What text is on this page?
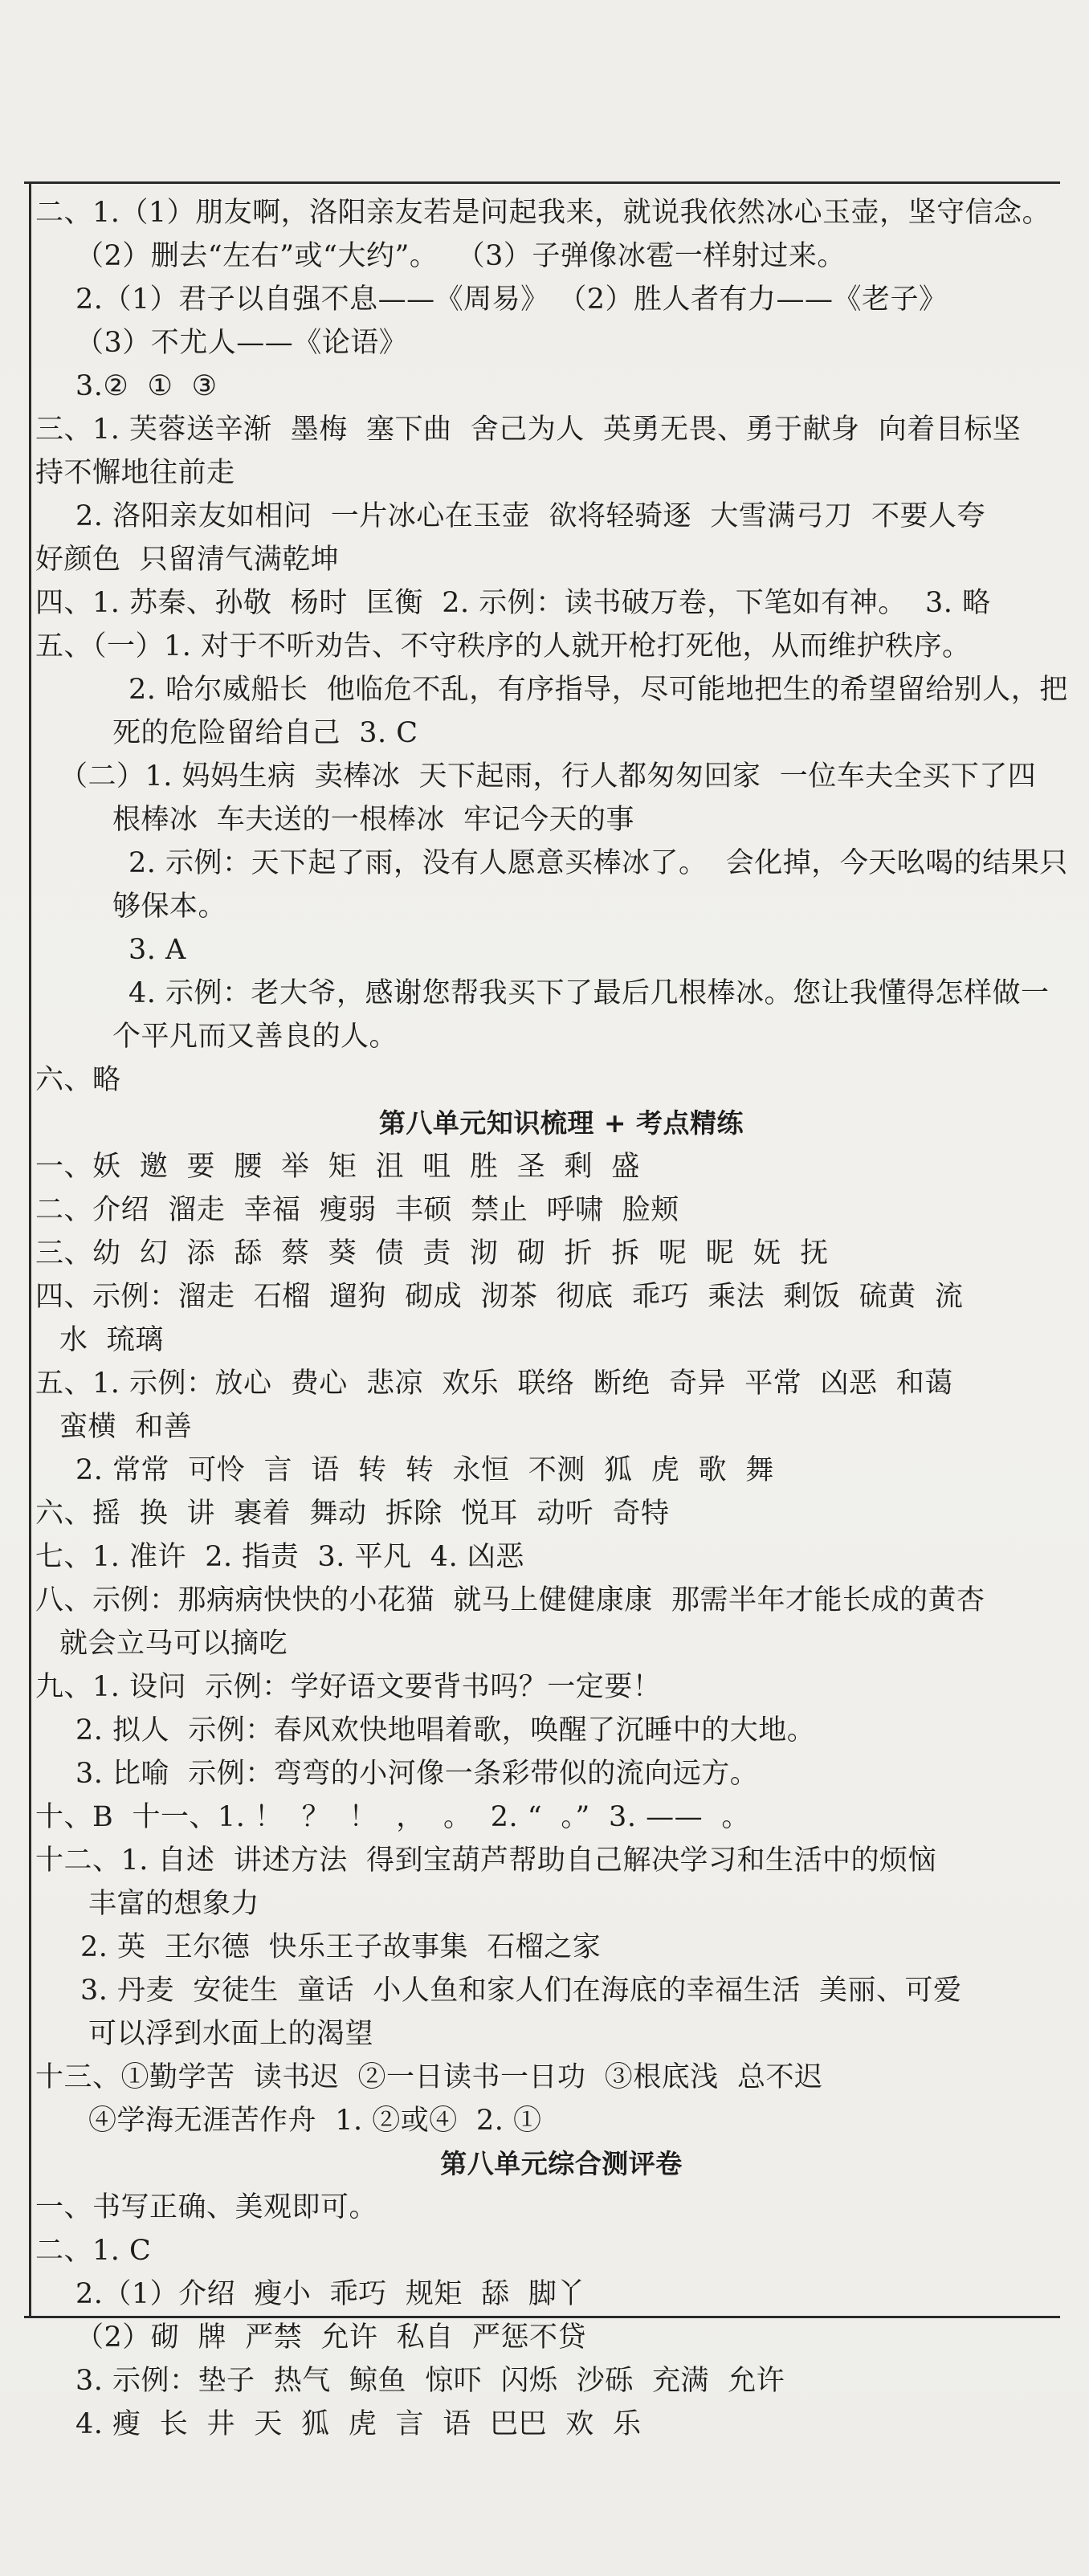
二、1.（1）朋友啊，洛阳亲友若是问起我来，就说我依然冰心玉壶，坚守信念。
（2）删去“左右”或“大约”。  （3）子弹像冰雹一样射过来。
2.（1）君子以自强不息——《周易》 （2）胜人者有力——《老子》
（3）不尤人——《论语》
3.②  ①  ③
三、1. 芙蓉送辛渐  墨梅  塞下曲  舍己为人  英勇无畏、勇于献身  向着目标坚
持不懈地往前走
2. 洛阳亲友如相问  一片冰心在玉壶  欲将轻骑逐  大雪满弓刀  不要人夸
好颜色  只留清气满乾坤
四、1. 苏秦、孙敬  杨时  匡衡  2. 示例：读书破万卷，下笔如有神。  3. 略
五、（一）1. 对于不听劝告、不守秩序的人就开枪打死他，从而维护秩序。
2. 哈尔威船长  他临危不乱，有序指导，尽可能地把生的希望留给别人，把
死的危险留给自己  3. C
（二）1. 妈妈生病  卖棒冰  天下起雨，行人都匆匆回家  一位车夫全买下了四
根棒冰  车夫送的一根棒冰  牢记今天的事
2. 示例：天下起了雨，没有人愿意买棒冰了。  会化掉，今天吆喝的结果只
够保本。
3. A
4. 示例：老大爷，感谢您帮我买下了最后几根棒冰。您让我懂得怎样做一
个平凡而又善良的人。
六、略
第八单元知识梳理 + 考点精练
一、妖  邀  要  腰  举  矩  沮  咀  胜  圣  剩  盛
二、介绍  溜走  幸福  瘦弱  丰硕  禁止  呼啸  脸颊
三、幼  幻  添  舔  蔡  葵  债  责  沏  砌  折  拆  呢  昵  妩  抚
四、示例：溜走  石榴  遛狗  砌成  沏茶  彻底  乖巧  乘法  剩饭  硫黄  流
水  琉璃
五、1. 示例：放心  费心  悲凉  欢乐  联络  断绝  奇异  平常  凶恶  和蔼
蛮横  和善
2. 常常  可怜  言  语  转  转  永恒  不测  狐  虎  歌  舞
六、摇  换  讲  裹着  舞动  拆除  悦耳  动听  奇特
七、1. 准许  2. 指责  3. 平凡  4. 凶恶
八、示例：那病病快快的小花猫  就马上健健康康  那需半年才能长成的黄杏
就会立马可以摘吃
九、1. 设问  示例：学好语文要背书吗？一定要！
2. 拟人  示例：春风欢快地唱着歌，唤醒了沉睡中的大地。
3. 比喻  示例：弯弯的小河像一条彩带似的流向远方。
十、B  十一、1. ！  ？  ！  ，  。  2. “  。”  3. ——  。
十二、1. 自述  讲述方法  得到宝葫芦帮助自己解决学习和生活中的烦恼
丰富的想象力
2. 英  王尔德  快乐王子故事集  石榴之家
3. 丹麦  安徒生  童话  小人鱼和家人们在海底的幸福生活  美丽、可爱
可以浮到水面上的渴望
十三、①勤学苦  读书迟  ②一日读书一日功  ③根底浅  总不迟
④学海无涯苦作舟  1. ②或④  2. ①
第八单元综合测评卷
一、书写正确、美观即可。
二、1. C
2.（1）介绍  瘦小  乖巧  规矩  舔  脚丫
（2）砌  牌  严禁  允许  私自  严惩不贷
3. 示例：垫子  热气  鲸鱼  惊吓  闪烁  沙砾  充满  允许
4. 瘦  长  井  天  狐  虎  言  语  巴巴  欢  乐
